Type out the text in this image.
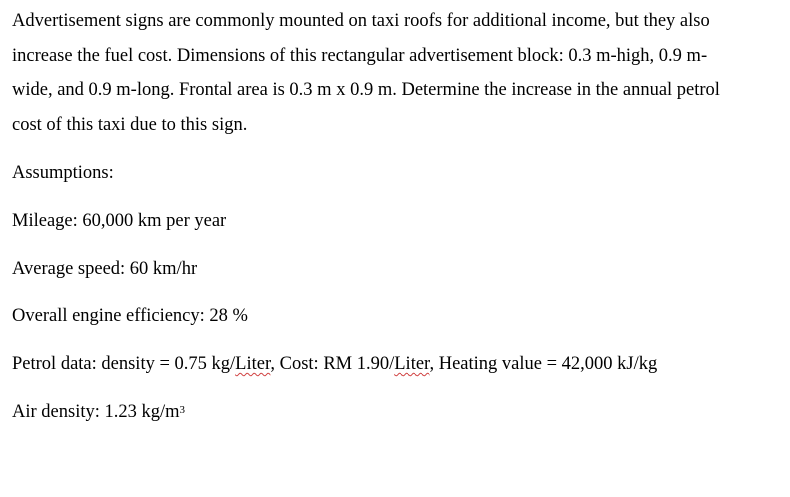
Advertisement signs are commonly mounted on taxi roofs for additional income, but they also
increase the fuel cost. Dimensions of this rectangular advertisement block: 0.3 m-high, 0.9 m-
wide, and 0.9 m-long. Frontal area is 0.3 m x 0.9 m. Determine the increase in the annual petrol
cost of this taxi due to this sign.

Assumptions:

Mileage: 60,000 km per year

Average speed: 60 km/hr

Overall engine efficiency: 28 %

Petrol data: density = 0.75 kg/Liter, Cost: RM 1.90/Liter, Heating value = 42,000 kJ/kg

Air density: 1.23 $kg/m^3$
